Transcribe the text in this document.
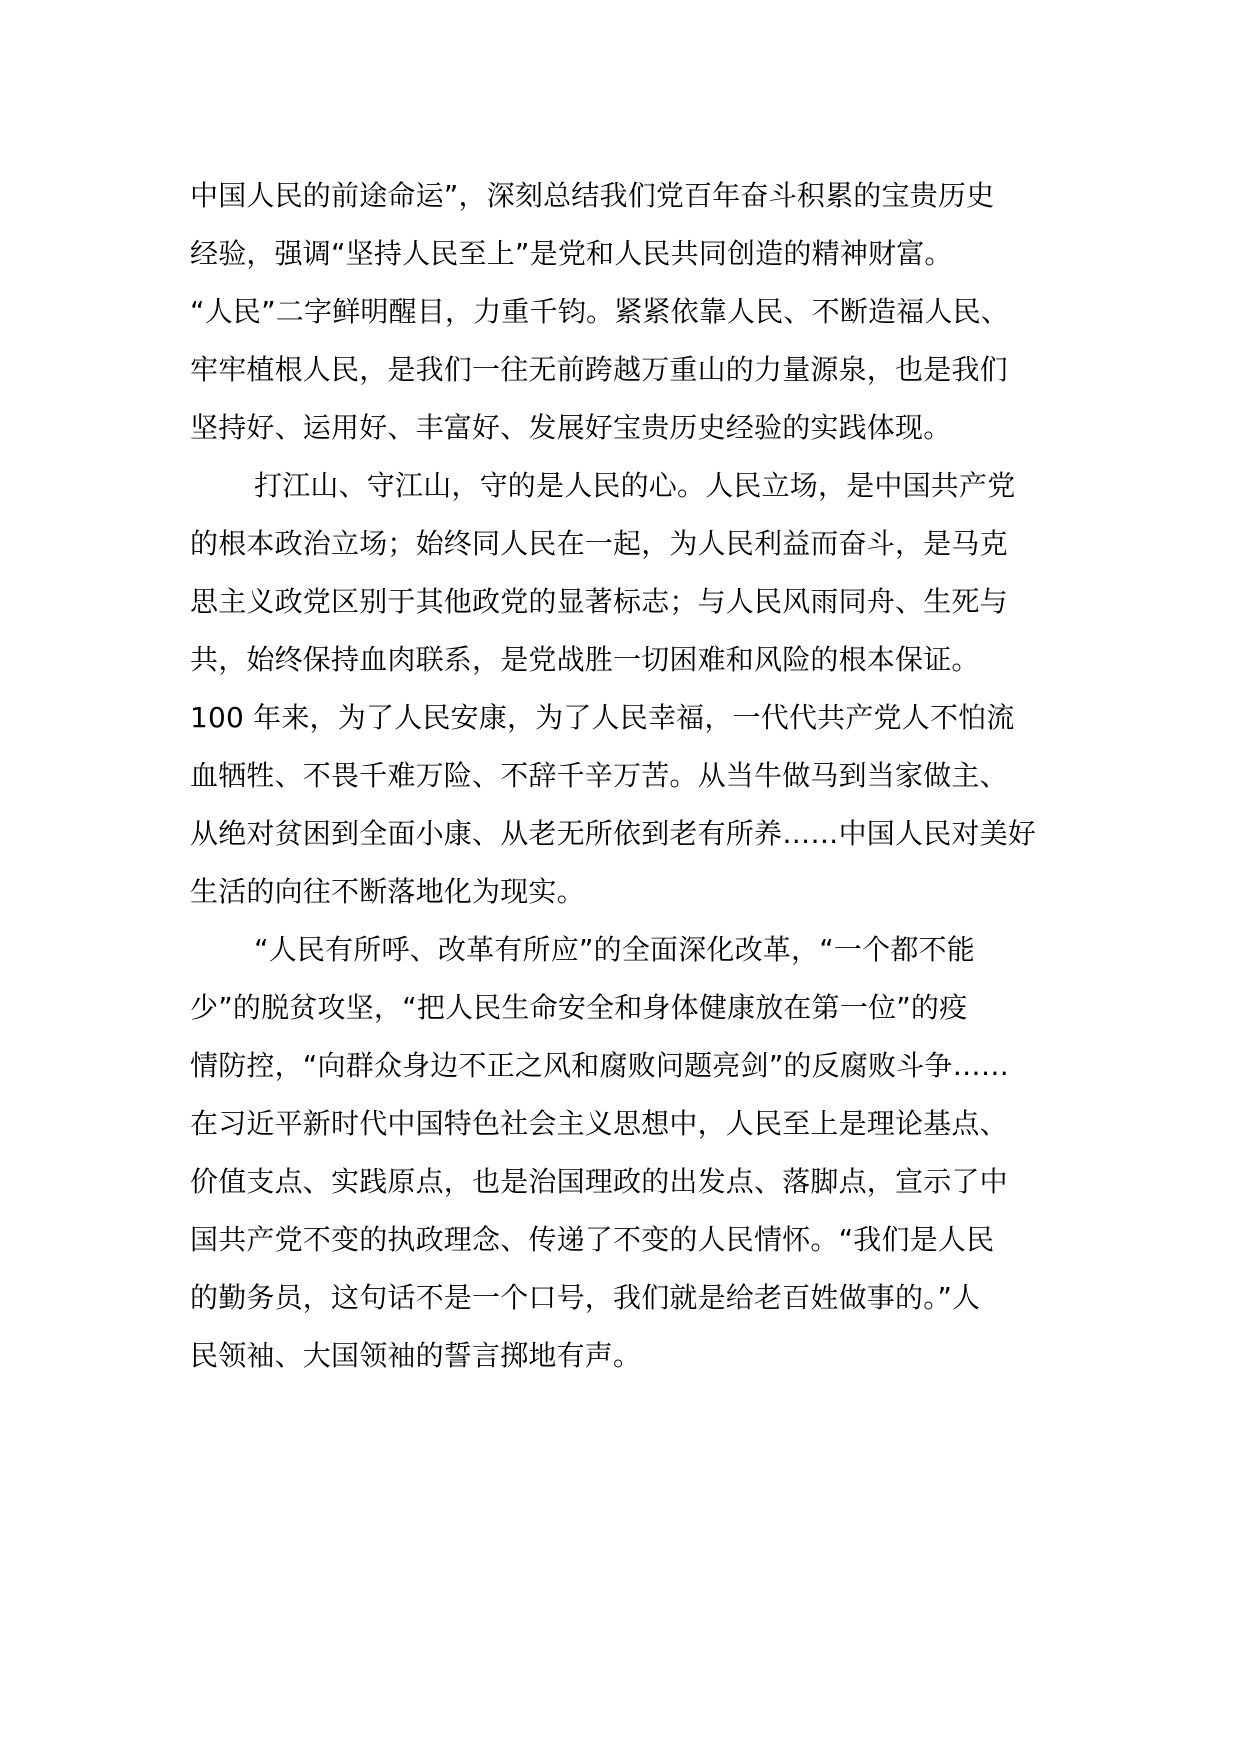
中国人民的前途命运”，深刻总结我们党百年奋斗积累的宝贵历史
经验，强调“坚持人民至上”是党和人民共同创造的精神财富。
“人民”二字鲜明醒目，力重千钧。紧紧依靠人民、不断造福人民、
牢牢植根人民，是我们一往无前跨越万重山的力量源泉，也是我们
坚持好、运用好、丰富好、发展好宝贵历史经验的实践体现。
打江山、守江山，守的是人民的心。人民立场，是中国共产党
的根本政治立场；始终同人民在一起，为人民利益而奋斗，是马克
思主义政党区别于其他政党的显著标志；与人民风雨同舟、生死与
共，始终保持血肉联系，是党战胜一切困难和风险的根本保证。
100 年来，为了人民安康，为了人民幸福，一代代共产党人不怕流
血牺牲、不畏千难万险、不辞千辛万苦。从当牛做马到当家做主、
从绝对贫困到全面小康、从老无所依到老有所养……中国人民对美好
生活的向往不断落地化为现实。
“人民有所呼、改革有所应”的全面深化改革，“一个都不能
少”的脱贫攻坚，“把人民生命安全和身体健康放在第一位”的疫
情防控，“向群众身边不正之风和腐败问题亮剑”的反腐败斗争……
在习近平新时代中国特色社会主义思想中，人民至上是理论基点、
价值支点、实践原点，也是治国理政的出发点、落脚点，宣示了中
国共产党不变的执政理念、传递了不变的人民情怀。“我们是人民
的勤务员，这句话不是一个口号，我们就是给老百姓做事的。”人
民领袖、大国领袖的誓言掷地有声。
